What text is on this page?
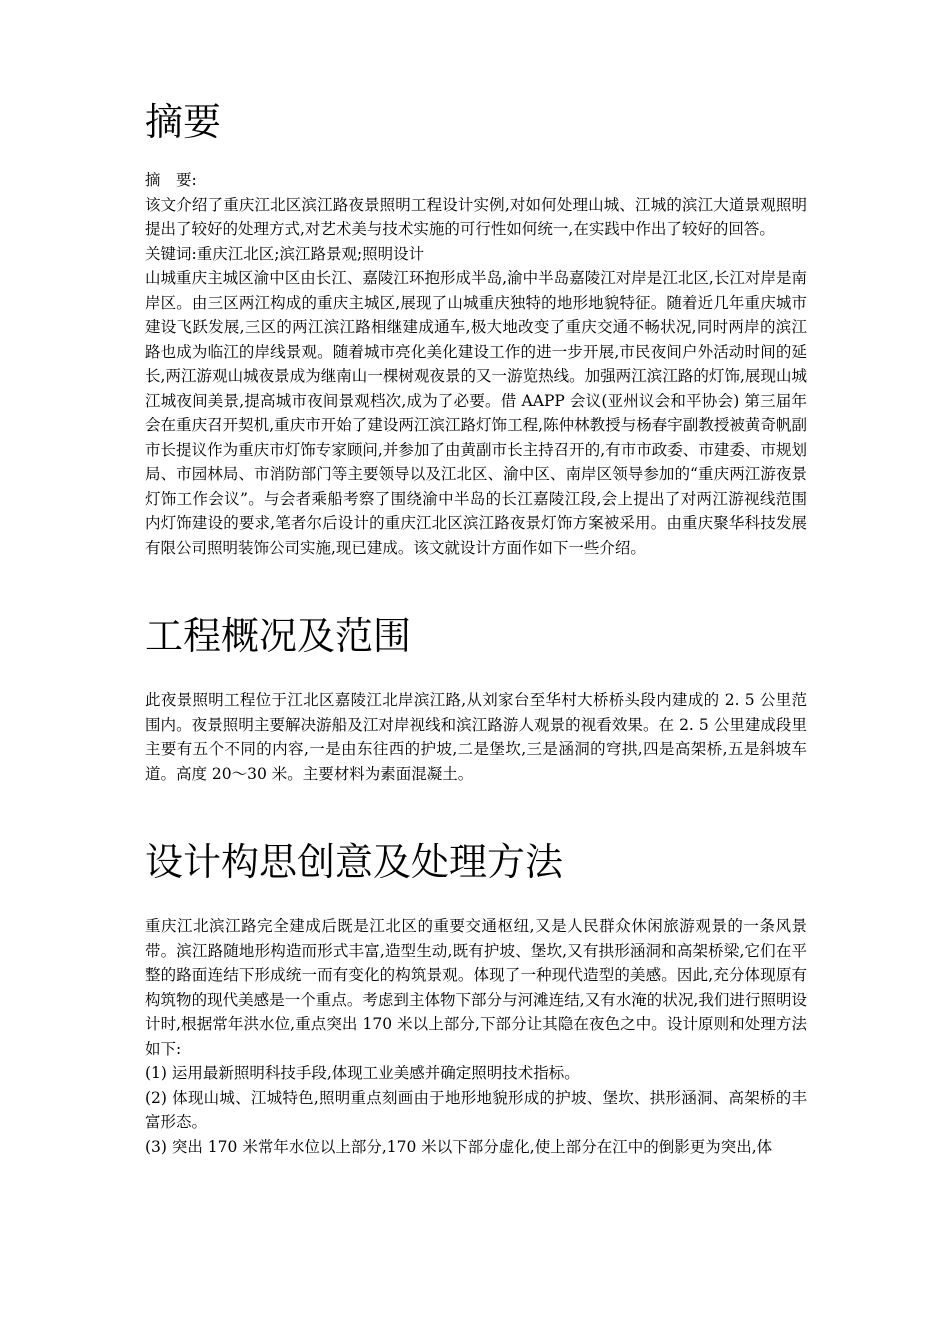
摘要

摘　要:

该文介绍了重庆江北区滨江路夜景照明工程设计实例,对如何处理山城、江城的滨江大道景观照明提出了较好的处理方式,对艺术美与技术实施的可行性如何统一,在实践中作出了较好的回答。

关键词:重庆江北区;滨江路景观;照明设计

山城重庆主城区渝中区由长江、嘉陵江环抱形成半岛,渝中半岛嘉陵江对岸是江北区,长江对岸是南岸区。由三区两江构成的重庆主城区,展现了山城重庆独特的地形地貌特征。随着近几年重庆城市建设飞跃发展,三区的两江滨江路相继建成通车,极大地改变了重庆交通不畅状况,同时两岸的滨江路也成为临江的岸线景观。随着城市亮化美化建设工作的进一步开展,市民夜间户外活动时间的延长,两江游观山城夜景成为继南山一棵树观夜景的又一游览热线。加强两江滨江路的灯饰,展现山城江城夜间美景,提高城市夜间景观档次,成为了必要。借 AAPP 会议(亚州议会和平协会) 第三届年会在重庆召开契机,重庆市开始了建设两江滨江路灯饰工程,陈仲林教授与杨春宇副教授被黄奇帆副市长提议作为重庆市灯饰专家顾问,并参加了由黄副市长主持召开的,有市市政委、市建委、市规划局、市园林局、市消防部门等主要领导以及江北区、渝中区、南岸区领导参加的“重庆两江游夜景灯饰工作会议”。与会者乘船考察了围绕渝中半岛的长江嘉陵江段,会上提出了对两江游视线范围内灯饰建设的要求,笔者尔后设计的重庆江北区滨江路夜景灯饰方案被采用。由重庆聚华科技发展有限公司照明装饰公司实施,现已建成。该文就设计方面作如下一些介绍。

工程概况及范围

此夜景照明工程位于江北区嘉陵江北岸滨江路,从刘家台至华村大桥桥头段内建成的 2. 5 公里范围内。夜景照明主要解决游船及江对岸视线和滨江路游人观景的视看效果。在 2. 5 公里建成段里主要有五个不同的内容,一是由东往西的护坡,二是堡坎,三是涵洞的穹拱,四是高架桥,五是斜坡车道。高度 20～30 米。主要材料为素面混凝土。

设计构思创意及处理方法

重庆江北滨江路完全建成后既是江北区的重要交通枢纽,又是人民群众休闲旅游观景的一条风景带。滨江路随地形构造而形式丰富,造型生动,既有护坡、堡坎,又有拱形涵洞和高架桥梁,它们在平整的路面连结下形成统一而有变化的构筑景观。体现了一种现代造型的美感。因此,充分体现原有构筑物的现代美感是一个重点。考虑到主体物下部分与河滩连结,又有水淹的状况,我们进行照明设计时,根据常年洪水位,重点突出 170 米以上部分,下部分让其隐在夜色之中。设计原则和处理方法如下:

(1) 运用最新照明科技手段,体现工业美感并确定照明技术指标。

(2) 体现山城、江城特色,照明重点刻画由于地形地貌形成的护坡、堡坎、拱形涵洞、高架桥的丰富形态。

(3) 突出 170 米常年水位以上部分,170 米以下部分虚化,使上部分在江中的倒影更为突出,体
